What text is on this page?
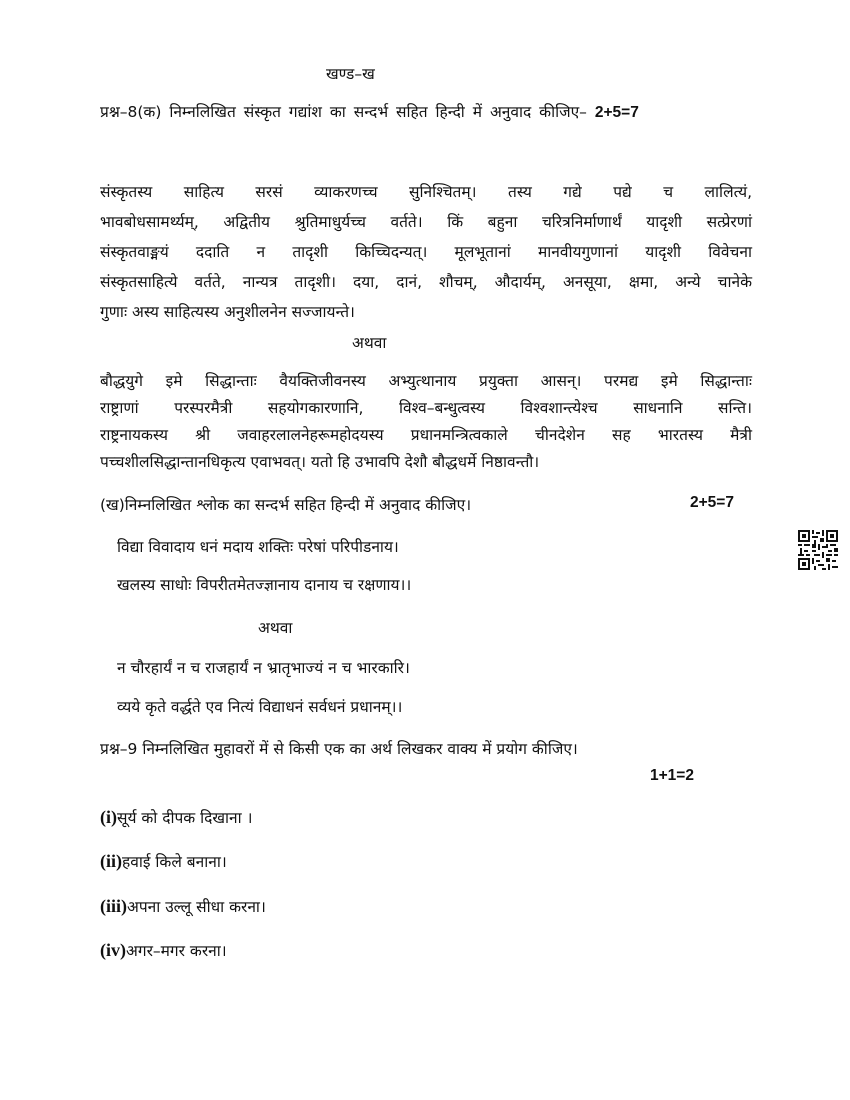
खण्ड–ख
प्रश्न–8(क) निम्नलिखित संस्कृत गद्यांश का सन्दर्भ सहित हिन्दी में अनुवाद कीजिए– 2+5=7
संस्कृतस्य साहित्य सरसं व्याकरणच्च सुनिश्चितम्। तस्य गद्ये पद्ये च लालित्यं,
भावबोधसामर्थ्यम्, अद्वितीय श्रुतिमाधुर्यच्च वर्तते। किं बहुना चरित्रनिर्माणार्थं यादृशी सत्प्रेरणां
संस्कृतवाङ्मयं ददाति न तादृशी किच्चिदन्यत्। मूलभूतानां मानवीयगुणानां यादृशी विवेचना
संस्कृतसाहित्ये वर्तते, नान्यत्र तादृशी। दया, दानं, शौचम्, औदार्यम्, अनसूया, क्षमा, अन्ये चानेके
गुणाः अस्य साहित्यस्य अनुशीलनेन सज्जायन्ते।
अथवा
बौद्धयुगे इमे सिद्धान्ताः वैयक्तिजीवनस्य अभ्युत्थानाय प्रयुक्ता आसन्। परमद्य इमे सिद्धान्ताः
राष्ट्राणां परस्परमैत्री सहयोगकारणानि, विश्व–बन्धुत्वस्य विश्वशान्त्येश्च साधनानि सन्ति।
राष्ट्रनायकस्य श्री जवाहरलालनेहरूमहोदयस्य प्रधानमन्त्रित्वकाले चीनदेशेन सह भारतस्य मैत्री
पच्चशीलसिद्धान्तानधिकृत्य एवाभवत्। यतो हि उभावपि देशौ बौद्धधर्मे निष्ठावन्तौ।
(ख)निम्नलिखित श्लोक का सन्दर्भ सहित हिन्दी में अनुवाद कीजिए।	2+5=7
विद्या विवादाय धनं मदाय शक्तिः परेषां परिपीडनाय।
खलस्य साधोः विपरीतमेतज्ज्ञानाय दानाय च रक्षणाय।।
अथवा
न चौरहार्यं न च राजहार्यं न भ्रातृभाज्यं न च भारकारि।
व्यये कृते वर्द्धते एव नित्यं विद्याधनं सर्वधनं प्रधानम्।।
प्रश्न–9 निम्नलिखित मुहावरों में से किसी एक का अर्थ लिखकर वाक्य में प्रयोग कीजिए।
1+1=2
(i)सूर्य को दीपक दिखाना ।
(ii)हवाई किले बनाना।
(iii)अपना उल्लू सीधा करना।
(iv)अगर–मगर करना।
